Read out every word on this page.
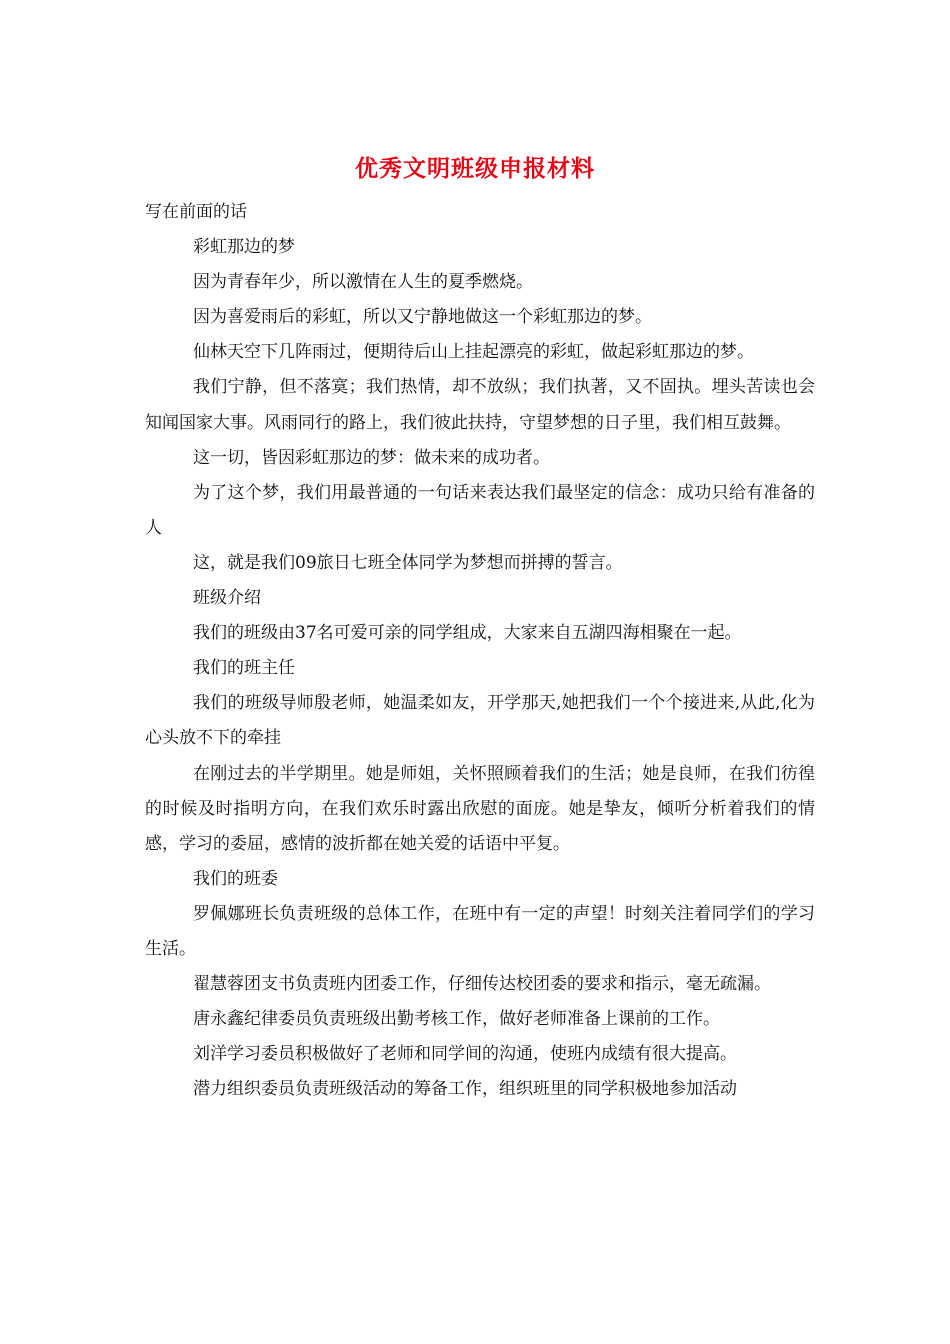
优秀文明班级申报材料

写在前面的话

彩虹那边的梦

因为青春年少，所以激情在人生的夏季燃烧。

因为喜爱雨后的彩虹，所以又宁静地做这一个彩虹那边的梦。

仙林天空下几阵雨过，便期待后山上挂起漂亮的彩虹，做起彩虹那边的梦。

我们宁静，但不落寞；我们热情，却不放纵；我们执著，又不固执。埋头苦读也会知闻国家大事。风雨同行的路上，我们彼此扶持，守望梦想的日子里，我们相互鼓舞。

这一切，皆因彩虹那边的梦：做未来的成功者。

为了这个梦，我们用最普通的一句话来表达我们最坚定的信念：成功只给有准备的人

这，就是我们09旅日七班全体同学为梦想而拼搏的誓言。

班级介绍

我们的班级由37名可爱可亲的同学组成，大家来自五湖四海相聚在一起。

我们的班主任

我们的班级导师殷老师，她温柔如友，开学那天,她把我们一个个接进来,从此,化为心头放不下的牵挂

在刚过去的半学期里。她是师姐，关怀照顾着我们的生活；她是良师，在我们彷徨的时候及时指明方向，在我们欢乐时露出欣慰的面庞。她是挚友，倾听分析着我们的情感，学习的委屈，感情的波折都在她关爱的话语中平复。

我们的班委

罗佩娜班长负责班级的总体工作，在班中有一定的声望！时刻关注着同学们的学习生活。

翟慧蓉团支书负责班内团委工作，仔细传达校团委的要求和指示，毫无疏漏。

唐永鑫纪律委员负责班级出勤考核工作，做好老师准备上课前的工作。

刘洋学习委员积极做好了老师和同学间的沟通，使班内成绩有很大提高。

潜力组织委员负责班级活动的筹备工作，组织班里的同学积极地参加活动
